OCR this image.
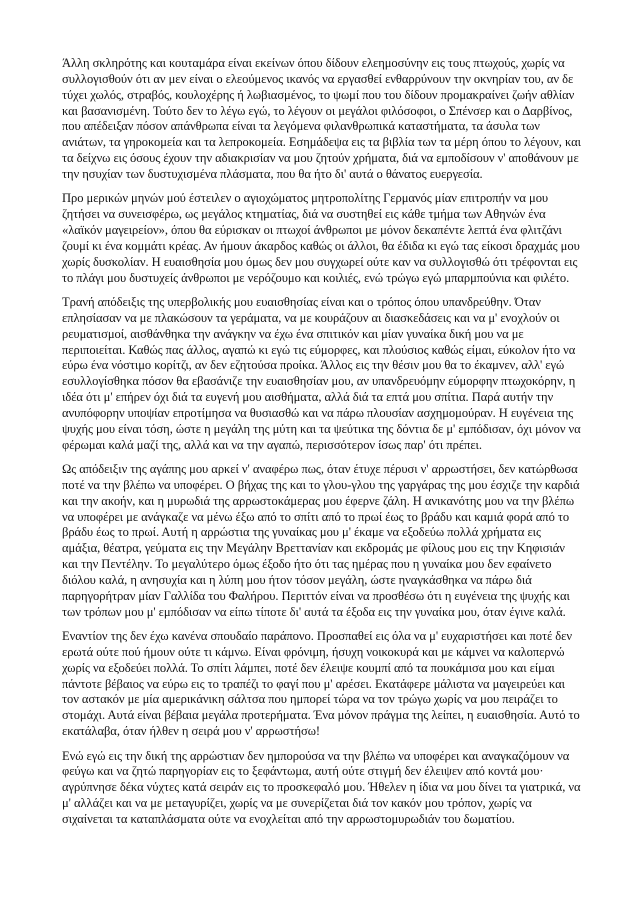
Άλλη σκληρότης και κουταμάρα είναι εκείνων όπου δίδουν ελεημοσύνην εις τους πτωχούς, χωρίς να συλλογισθούν ότι αν μεν είναι ο ελεούμενος ικανός να εργασθεί ενθαρρύνουν την οκνηρίαν του, αν δε τύχει χωλός, στραβός, κουλοχέρης ή λωβιασμένος, το ψωμί που του δίδουν προμακραίνει ζωήν αθλίαν και βασανισμένη. Τούτο δεν το λέγω εγώ, το λέγουν οι μεγάλοι φιλόσοφοι, ο Σπένσερ και ο Δαρβίνος, που απέδειξαν πόσον απάνθρωπα είναι τα λεγόμενα φιλανθρωπικά καταστήματα, τα άσυλα των ανιάτων, τα γηροκομεία και τα λεπροκομεία. Εσημάδεψα εις τα βιβλία των τα μέρη όπου το λέγουν, και τα δείχνω εις όσους έχουν την αδιακρισίαν να μου ζητούν χρήματα, διά να εμποδίσουν ν' αποθάνουν με την ησυχίαν των δυστυχισμένα πλάσματα, που θα ήτο δι' αυτά ο θάνατος ευεργεσία.

Προ μερικών μηνών μού έστειλεν ο αγιοχώματος μητροπολίτης Γερμανός μίαν επιτροπήν να μου ζητήσει να συνεισφέρω, ως μεγάλος κτηματίας, διά να συστηθεί εις κάθε τμήμα των Αθηνών ένα «λαϊκόν μαγειρείον», όπου θα εύρισκαν οι πτωχοί άνθρωποι με μόνον δεκαπέντε λεπτά ένα φλιτζάνι ζουμί κι ένα κομμάτι κρέας. Αν ήμουν άκαρδος καθώς οι άλλοι, θα έδιδα κι εγώ τας είκοσι δραχμάς μου χωρίς δυσκολίαν. Η ευαισθησία μου όμως δεν μου συγχωρεί ούτε καν να συλλογισθώ ότι τρέφονται εις το πλάγι μου δυστυχείς άνθρωποι με νερόζουμο και κοιλιές, ενώ τρώγω εγώ μπαρμπούνια και φιλέτο.

Τρανή απόδειξις της υπερβολικής μου ευαισθησίας είναι και ο τρόπος όπου υπανδρεύθην. Όταν επλησίασαν να με πλακώσουν τα γεράματα, να με κουράζουν αι διασκεδάσεις και να μ' ενοχλούν οι ρευματισμοί, αισθάνθηκα την ανάγκην να έχω ένα σπιτικόν και μίαν γυναίκα δική μου να με περιποιείται. Καθώς πας άλλος, αγαπώ κι εγώ τις εύμορφες, και πλούσιος καθώς είμαι, εύκολον ήτο να εύρω ένα νόστιμο κορίτζι, αν δεν εζητούσα προίκα. Άλλος εις την θέσιν μου θα το έκαμνεν, αλλ' εγώ εσυλλογίσθηκα πόσον θα εβασάνιζε την ευαισθησίαν μου, αν υπανδρευόμην εύμορφην πτωχοκόρην, η ιδέα ότι μ' επήρεν όχι διά τα ευγενή μου αισθήματα, αλλά διά τα επτά μου σπίτια. Παρά αυτήν την ανυπόφορην υποψίαν επροτίμησα να θυσιασθώ και να πάρω πλουσίαν ασχημομούραν. Η ευγένεια της ψυχής μου είναι τόση, ώστε η μεγάλη της μύτη και τα ψεύτικα της δόντια δε μ' εμπόδισαν, όχι μόνον να φέρωμαι καλά μαζί της, αλλά και να την αγαπώ, περισσότερον ίσως παρ' ότι πρέπει.

Ως απόδειξιν της αγάπης μου αρκεί ν' αναφέρω πως, όταν έτυχε πέρυσι ν' αρρωστήσει, δεν κατώρθωσα ποτέ να την βλέπω να υποφέρει. Ο βήχας της και το γλου-γλου της γαργάρας της μου έσχιζε την καρδιά και την ακοήν, και η μυρωδιά της αρρωστοκάμερας μου έφερνε ζάλη. Η ανικανότης μου να την βλέπω να υποφέρει με ανάγκαζε να μένω έξω από το σπίτι από το πρωί έως το βράδυ και καμιά φορά από το βράδυ έως το πρωί. Αυτή η αρρώστια της γυναίκας μου μ' έκαμε να εξοδεύω πολλά χρήματα εις αμάξια, θέατρα, γεύματα εις την Μεγάλην Βρεττανίαν και εκδρομάς με φίλους μου εις την Κηφισιάν και την Πεντέλην. Το μεγαλύτερο όμως έξοδο ήτο ότι τας ημέρας που η γυναίκα μου δεν εφαίνετο διόλου καλά, η ανησυχία και η λύπη μου ήτον τόσον μεγάλη, ώστε ηναγκάσθηκα να πάρω διά παρηγορήτραν μίαν Γαλλίδα του Φαλήρου. Περιττόν είναι να προσθέσω ότι η ευγένεια της ψυχής και των τρόπων μου μ' εμπόδισαν να είπω τίποτε δι' αυτά τα έξοδα εις την γυναίκα μου, όταν έγινε καλά.

Εναντίον της δεν έχω κανένα σπουδαίο παράπονο. Προσπαθεί εις όλα να μ' ευχαριστήσει και ποτέ δεν ερωτά ούτε πού ήμουν ούτε τι κάμνω. Είναι φρόνιμη, ήσυχη νοικοκυρά και με κάμνει να καλοπερνώ χωρίς να εξοδεύει πολλά. Το σπίτι λάμπει, ποτέ δεν έλειψε κουμπί από τα πουκάμισα μου και είμαι πάντοτε βέβαιος να εύρω εις το τραπέζι το φαγί που μ' αρέσει. Εκατάφερε μάλιστα να μαγειρεύει και τον αστακόν με μία αμερικάνικη σάλτσα που ημπορεί τώρα να τον τρώγω χωρίς να μου πειράζει το στομάχι. Αυτά είναι βέβαια μεγάλα προτερήματα. Ένα μόνον πράγμα της λείπει, η ευαισθησία. Αυτό το εκατάλαβα, όταν ήλθεν η σειρά μου ν' αρρωστήσω!

Ενώ εγώ εις την δική της αρρώστιαν δεν ημπορούσα να την βλέπω να υποφέρει και αναγκαζόμουν να φεύγω και να ζητώ παρηγορίαν εις το ξεφάντωμα, αυτή ούτε στιγμή δεν έλειψεν από κοντά μου· αγρύπνησε δέκα νύχτες κατά σειράν εις το προσκεφαλό μου. Ήθελεν η ίδια να μου δίνει τα γιατρικά, να μ' αλλάζει και να με μεταγυρίζει, χωρίς να με συνερίζεται διά τον κακόν μου τρόπον, χωρίς να σιχαίνεται τα καταπλάσματα ούτε να ενοχλείται από την αρρωστομυρωδιάν του δωματίου.
